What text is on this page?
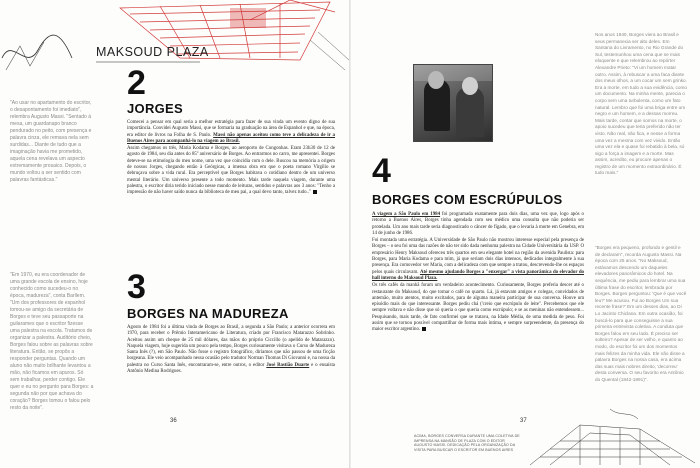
MAKSOUD PLAZA
"Ao usar no apartamento do escritor, o desapontamento foi imediato", relembra Augusto Massi. "Sentado à mesa, um guardanapo branco pendurado no peito, com presença e palavra cinza, ele remava nela sem surdidas... Diante de tudo que a imaginação havia me prometido, aquela cena revelava um aspecto extremamente prosaico. Depois, o mundo voltou a ser sentido com palavras fantásticas."
"Em 1970, eu era coordenador de uma grande escola de ensino, hoje conhecido como sucedeu-o no época, madureza", conta Barllem. "Um dos professores de espanhol tomou-se amigo da secretária de Borges e teve seu passaporte na guilarames que o escritor fizesse uma palestra na escola. Tratamos de organizar a palestra. Auditório cheio, Borges falou sobre as palavras sobre literatura. Então, se propôs a responder perguntas. Quando um aluno não muito brilhante levantou a mão, não ficamos em apuros. Só sem trabalhar, perder contigo. Ele quer e eu no pergunto para Borges: a segunda não por que achava do coração? Borges tomou o falou pelo resto da noite".
2
JORGES

Comecei a pensar em qual seria a melhor estratégia para fazer de sua vinda um evento digno de sua importância. Convidei Augusto Massi, que se formaria na graduação na área de Espanhol e que, na época, era editor de livros na Folha de S. Paulo. Massi não apenas aceitou como teve a delicadeza de ir a Buenos Aires para acompanhá-lo na viagem ao Brasil.

Assim chegamos os três, Maria Kodama e Borges, ao aeroporto de Congonhas. Eram 23h30 de 12 de agosto de 1984, seu dia antes do 85º aniversário de Borges. Ao entrarmos no carro, me apresentei. Borges deteve-se na etimologia do meu nome, uma vez que coincidia com o dele. Buscou na memória a origem de nossos Jorges, chegando então à Geórgicas, a imensa obra em que o poeta romano Virgílio se debruçava sobre a vida rural. Era perceptível que Borges habitava o cotidiano dentro de um universo mental literário. Um universo presente a todo momento. Mais tarde naquela viagem, durante uma palestra, o escritor diria terido iniciado nesse mundo de leituras, sentidos e palavras aos 3 anos: "Tenho a impressão de não haver saído nunca da biblioteca de meu pai, a qual devo tanto, talvez tudo.."

3
BORGES NA MADUREZA

Agosto de 1984 foi a última vinda de Borges ao Brasil, a segunda a São Paulo; a anterior ocorrera em 1970, para receber o Prêmio Interamericano de Literatura, criado por Francisco Matarazzo Sobrinho. Aceitou assim um cheque de 25 mil dólares, das mãos do próprio Ciccillo (o apelido de Matarazzo). Naquela viagem, hoje sugerida um pouco pela tempo, Borges curiosamente visitava o Curso de Madureza Santa Inês (?), em São Paulo. Não fosse o registro fotográfico, diríamos que não passou de uma ficção borgeana. Ele veio acompanhado nessa ocasião pelo tradutor Norman Thomas Di Giovanni e, na nossa da palestra no Curso Santa Inês, encontraram-se, entre outros, o editor José Bastião Duarte e o ensaísta Antônio Medina Rodrigues.

36
4
BORGES COM ESCRÚPULOS

A viagem a São Paulo em 1984 foi programada exatamente para dois dias, uma vez que, logo após o retorno a Buenos Aires, Borges tinha agendada com seu médico uma consulta que não poderia ser protelada. Um ano mais tarde seria diagnosticado o câncer de fígado, que o levaria à morte em Genebra, em 14 de junho de 1986.

Foi montada uma estratégia. A Universidade de São Paulo não mostrou interesse especial pela presença de Borges – o seu foi uma das razões de não ter sido dada nenhuma palestra na Cidade Universitária da USP. O empresário Henry Maksoud ofereceu três quartos em seu elegante hotel na região da avenida Paulista: para Borges, para Maria Kodama e para mim, já que seriam dois dias intensos, dedicados integralmente à sua presença. Era comovedor ver Maria, com a delicadeza com que sempre a tratou, descrevendo-lhe os espaços pelos quais circulavam. Até mesmo ajudando Borges a "enxergar" a vista panorâmica do elevador do hall interno do Maksoud Plaza.

Os três cafés da manhã foram um verdadeiro acontecimento. Curiosamente, Borges preferia descer até o restaurante do Maksoud, do que tomar o café no quarto. Lá, já estavam amigos e colegas, convidados de antemão, muito atentos, muito excitados, para de alguma maneira participar de sua conversa. Houve um episódio mais do que interessante. Borges pediu chá ('creio que escrúpulo de leite". Percebemos que ele sempre voltava e não disse que só queria o que queria como escrúpulo; e se as meninas não entendessem... Pesquisando, mais tarde, de fato confirmei que se tratava, na Idade Média, de uma medida de peso. Foi assim que se tornou possível compartilhar de forma mais íntima, e sempre surpreendente, da presença do maior escritor argentino.

ACIMA, BORGES CONVERSA DURANTE UMA COLETIVA DE IMPRENSA NA MANSÃO DE PLAZA COM O EDITOR AUGUSTO MASSI. DEDICAÇÃO PELA ORGANIZAÇÃO DA VISITA PARA BUSCAR O ESCRITOR EM BUENOS AIRES
37
Nos anos 1940, Borges viera ao Brasil e seus permanecia ser alto deles. Em Santana do Livramento, no Rio Grande do Sul, testemunhou uma cena que se mais eloquente e que relembrou ao repórter Alexandre Prieto: "Vi um homem matar outro. Assim, à rebuscar a uma faca diante dos meus olhos, a um cocar um sem grinko. Era a morte, em tudo a sua evidência, como um documento. Na minha mente, parecia o corpo sem uma turbulenta, como um fato natural. Lembro que foi uma briga entre um negro e um homem, e a dessas morreu. Mais tarde, contar que somos na morte, o apoio sucedeu que teria preferido não ter visto. Não real, não fica, e nesse a forma uma vez a mesma com vez vivido. Então uma vez ela e quase foi rebatido à bela, só sigo a força a imagem e a morte. Mas assim, acredito, eu procure apenas o registro de um momento extraordinário. É tudo mais."
"Borges era pequeno, profundo e gentil e de declaram", recorda Augusto Massi. Na época com 25 anos. "No Maksoud, estávamos descendo um daqueles elevadores panorâmicos do hotel. Na sequência, me pediu para lembrar uma sua última frase do escritor, lembrada por Borges. Borges perguntou: 'Que é que você leu?' Me acusou. Fui ao Borges Um sua recente frase?' Em um desses dias, ao Di Lo Jacinto Chiclana. Em outra ocasião, foi buscá-lo para que conseguisse a sua primeira entrevista coletiva. A conduta que Borges falou em seu lado. É preciso ser solteiro? Apesar de ser velho, e quanto ao modo, do escritor foi um dos momentos mais felizes da minha vida. Ele não disse a palavra Borges na nossa casa, era acima das suas mais nobres direito, 'decorreu' desta conversa. O seu favorito era Antônio do Quental (1842-1891)".
